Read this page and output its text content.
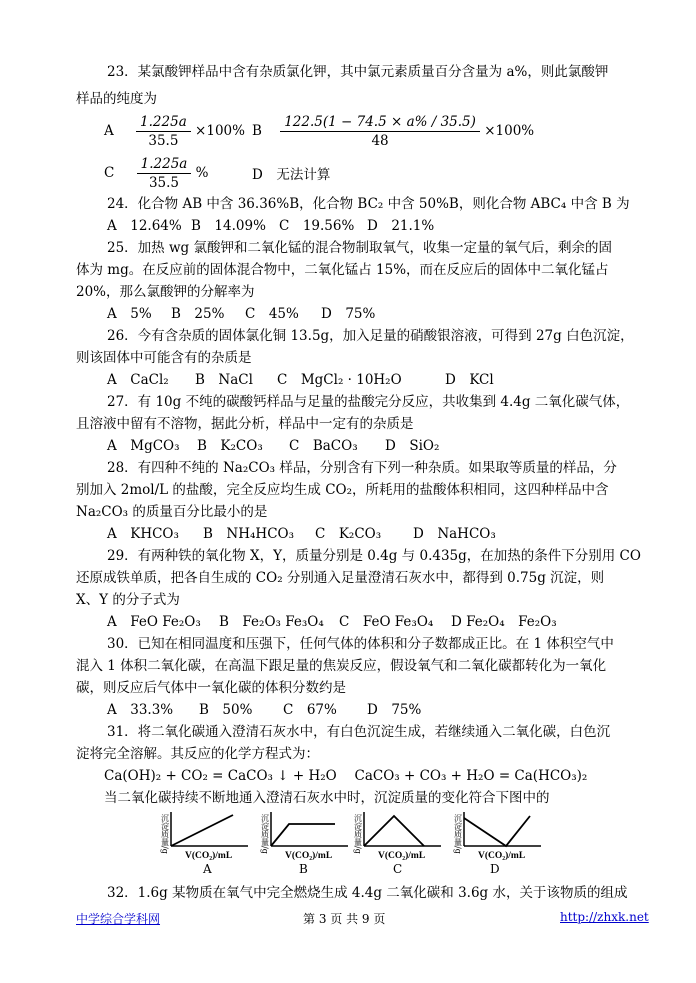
23．某氯酸钾样品中含有杂质氯化钾，其中氯元素质量百分含量为 a%，则此氯酸钾
样品的纯度为
A $\frac{1.225a}{35.5} \times 100\%$ B $\frac{122.5(1 - 74.5 \times a\% / 35.5)}{48} \times 100\%$
C $\frac{1.225a}{35.5}$ %	D　无法计算
24．化合物 AB 中含 36.36%B，化合物 BC₂ 中含 50%B，则化合物 ABC₄ 中含 B 为
A　12.64% B　14.09% C　19.56% D　21.1%
25．加热 wg 氯酸钾和二氧化锰的混合物制取氧气，收集一定量的氧气后，剩余的固
体为 mg。在反应前的固体混合物中，二氧化锰占 15%，而在反应后的固体中二氧化锰占
20%，那么氯酸钾的分解率为
A　5% B　25% C　45% D　75%
26．今有含杂质的固体氯化铜 13.5g，加入足量的硝酸银溶液，可得到 27g 白色沉淀，
则该固体中可能含有的杂质是
A　CaCl₂ B　NaCl C　MgCl₂ · 10H₂O	D　KCl
27．有 10g 不纯的碳酸钙样品与足量的盐酸完分反应，共收集到 4.4g 二氧化碳气体，
且溶液中留有不溶物，据此分析，样品中一定有的杂质是
A　MgCO₃ B　K₂CO₃ C　BaCO₃ D　SiO₂
28．有四种不纯的 Na₂CO₃ 样品，分别含有下列一种杂质。如果取等质量的样品，分
别加入 2mol/L 的盐酸，完全反应均生成 CO₂，所耗用的盐酸体积相同，这四种样品中含
Na₂CO₃ 的质量百分比最小的是
A　KHCO₃ B　NH₄HCO₃ C　K₂CO₃ D　NaHCO₃
29．有两种铁的氧化物 X，Y，质量分别是 0.4g 与 0.435g，在加热的条件下分别用 CO
还原成铁单质，把各自生成的 CO₂ 分别通入足量澄清石灰水中，都得到 0.75g 沉淀，则
X、Y 的分子式为
A　FeO Fe₂O₃ B　Fe₂O₃ Fe₃O₄ C　FeO Fe₃O₄ D Fe₂O₄　Fe₂O₃
30．已知在相同温度和压强下，任何气体的体积和分子数都成正比。在 1 体积空气中
混入 1 体积二氧化碳，在高温下跟足量的焦炭反应，假设氧气和二氧化碳都转化为一氧化
碳，则反应后气体中一氧化碳的体积分数约是
A　33.3% B　50% C　67% D　75%
31．将二氧化碳通入澄清石灰水中，有白色沉淀生成，若继续通入二氧化碳，白色沉
淀将完全溶解。其反应的化学方程式为：
Ca(OH)₂ + CO₂ = CaCO₃ ↓ + H₂O　 CaCO₃ + CO₃ + H₂O = Ca(HCO₃)₂
当二氧化碳持续不断地通入澄清石灰水中时，沉淀质量的变化符合下图中的
沉淀质量/g
V(CO₂)/mL
沉淀质量/g
V(CO₂)/mL
沉淀质量/g
V(CO₂)/mL
沉淀质量/g
V(CO₂)/mL
A	B	C	D
32．1.6g 某物质在氧气中完全燃烧生成 4.4g 二氧化碳和 3.6g 水，关于该物质的组成
中学综合学科网	第 3 页 共 9 页	http://zhxk.net
